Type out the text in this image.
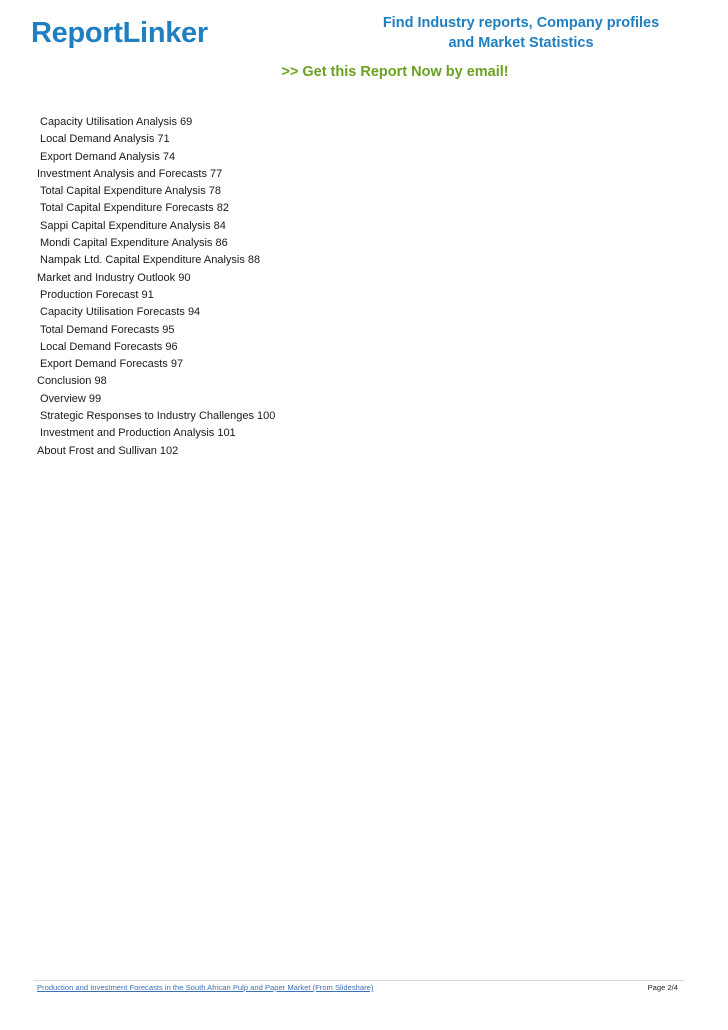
ReportLinker	Find Industry reports, Company profiles
and Market Statistics
>> Get this Report Now by email!
Capacity Utilisation Analysis 69
Local Demand Analysis 71
Export Demand Analysis 74
Investment Analysis and Forecasts 77
Total Capital Expenditure Analysis 78
Total Capital Expenditure Forecasts 82
Sappi Capital Expenditure Analysis 84
Mondi Capital Expenditure Analysis 86
Nampak Ltd. Capital Expenditure Analysis 88
Market and Industry Outlook 90
Production Forecast 91
Capacity Utilisation Forecasts 94
Total Demand Forecasts 95
Local Demand Forecasts 96
Export Demand Forecasts 97
Conclusion 98
Overview 99
Strategic Responses to Industry Challenges 100
Investment and Production Analysis 101
About Frost and Sullivan 102
Production and Investment Forecasts in the South African Pulp and Paper Market (From Slideshare)	Page 2/4
